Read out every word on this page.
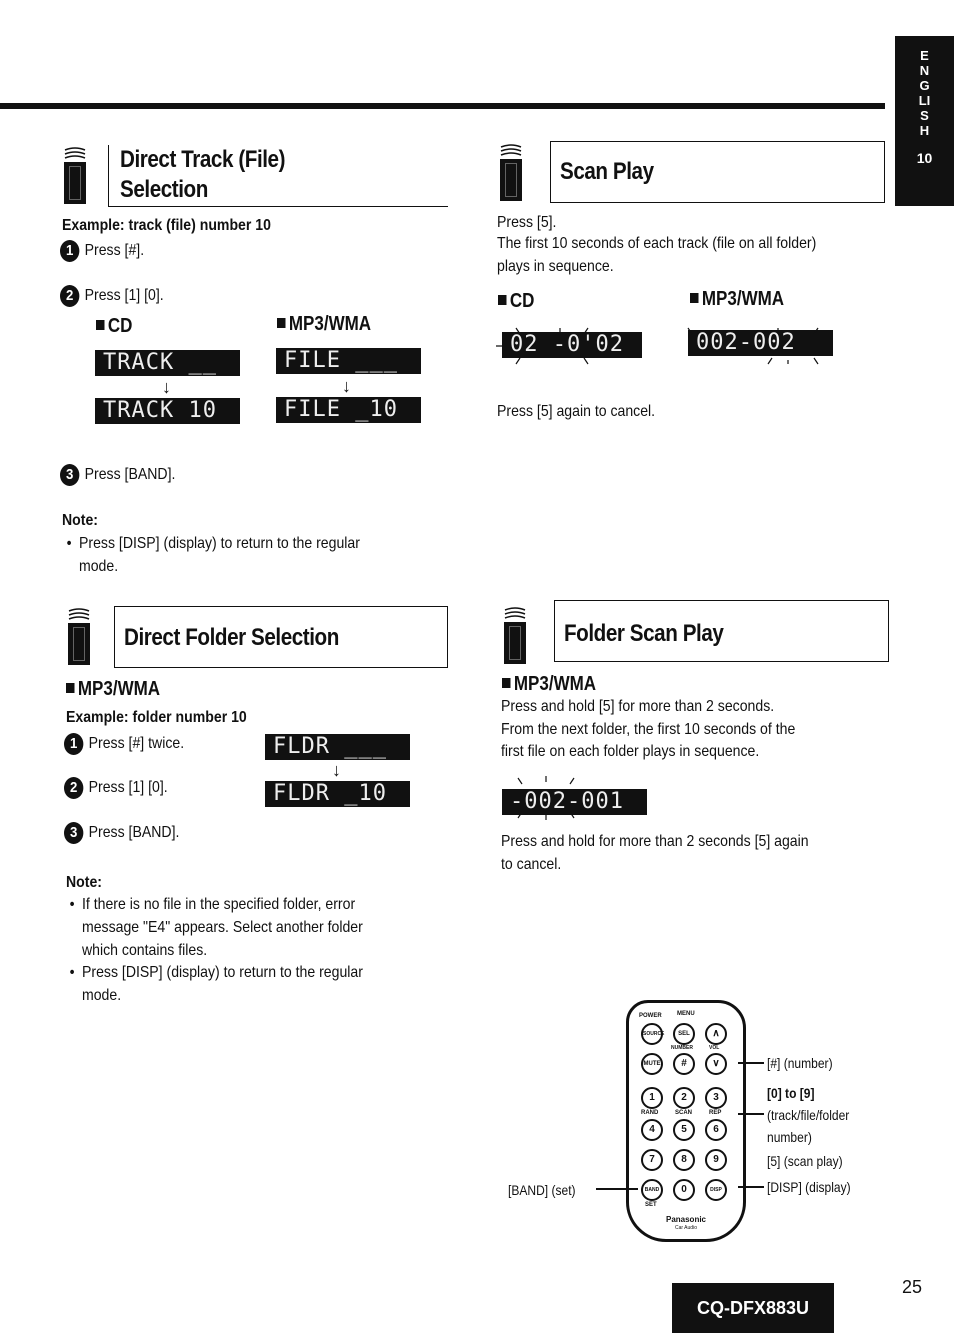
ENGLISH
10
Direct Track (File)
Selection
Example: track (file) number 10
1 Press [#].
2 Press [1] [0].
CD	MP3/WMA
TRACK __
↓
TRACK 10
FILE ___
↓
FILE _10
3 Press [BAND].
Note:
• Press [DISP] (display) to return to the regular
mode.
Scan Play
Press [5].
The first 10 seconds of each track (file on all folder)
plays in sequence.
CD	MP3/WMA
02 -0'02	002-002
Press [5] again to cancel.
Direct Folder Selection
MP3/WMA
Example: folder number 10
1 Press [#] twice.	FLDR ___
↓
2 Press [1] [0].	FLDR _10
3 Press [BAND].
Note:
• If there is no file in the specified folder, error
message "E4" appears. Select another folder
which contains files.
• Press [DISP] (display) to return to the regular
mode.
Folder Scan Play
MP3/WMA
Press and hold [5] for more than 2 seconds.
From the next folder, the first 10 seconds of the
first file on each folder plays in sequence.
-002-001
Press and hold for more than 2 seconds [5] again
to cancel.
POWER	MENU
SOURCE	SEL	∧
NUMBER	VOL
MUTE	#	∨
1	2	3
RAND	SCAN	REP
4	5	6
7	8	9
BAND	0	DISP
SET
Panasonic
Car Audio
[#] (number)
[0] to [9]
(track/file/folder
number)
[5] (scan play)
[DISP] (display)
[BAND] (set)
CQ-DFX883U
25
